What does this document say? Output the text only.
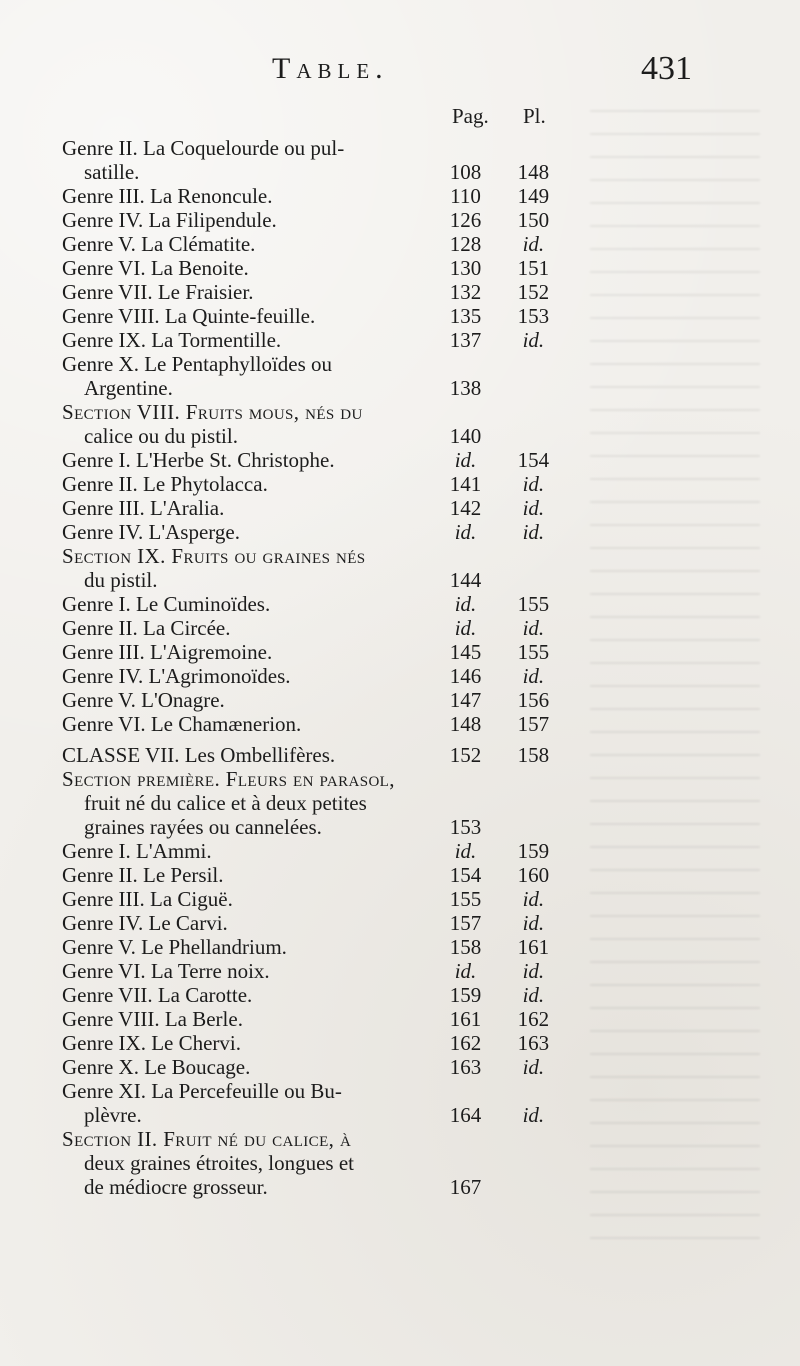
Table.	431
Pag. Pl.
Genre II. La Coquelourde ou pul-

satille.	108	148
Genre III. La Renoncule.	110	149
Genre IV. La Filipendule.	126	150
Genre V. La Clématite.	128	id.
Genre VI. La Benoite.	130	151
Genre VII. Le Fraisier.	132	152
Genre VIII. La Quinte-feuille.	135	153
Genre IX. La Tormentille.	137	id.
Genre X. Le Pentaphylloïdes ou

Argentine.	138
Section VIII. Fruits mous, nés du

calice ou du pistil.	140
Genre I. L'Herbe St. Christophe.	id.	154
Genre II. Le Phytolacca.	141	id.
Genre III. L'Aralia.	142	id.
Genre IV. L'Asperge.	id.	id.
Section IX. Fruits ou graines nés

du pistil.	144
Genre I. Le Cuminoïdes.	id.	155
Genre II. La Circée.	id.	id.
Genre III. L'Aigremoine.	145	155
Genre IV. L'Agrimonoïdes.	146	id.
Genre V. L'Onagre.	147	156
Genre VI. Le Chamænerion.	148	157
CLASSE VII. Les Ombellifères.	152	158
Section première. Fleurs en parasol,

fruit né du calice et à deux petites
graines rayées ou cannelées.	153
Genre I. L'Ammi.	id.	159
Genre II. Le Persil.	154	160
Genre III. La Ciguë.	155	id.
Genre IV. Le Carvi.	157	id.
Genre V. Le Phellandrium.	158	161
Genre VI. La Terre noix.	id.	id.
Genre VII. La Carotte.	159	id.
Genre VIII. La Berle.	161	162
Genre IX. Le Chervi.	162	163
Genre X. Le Boucage.	163	id.
Genre XI. La Percefeuille ou Bu-

plèvre.	164	id.
Section II. Fruit né du calice, à

deux graines étroites, longues et
de médiocre grosseur.	167
